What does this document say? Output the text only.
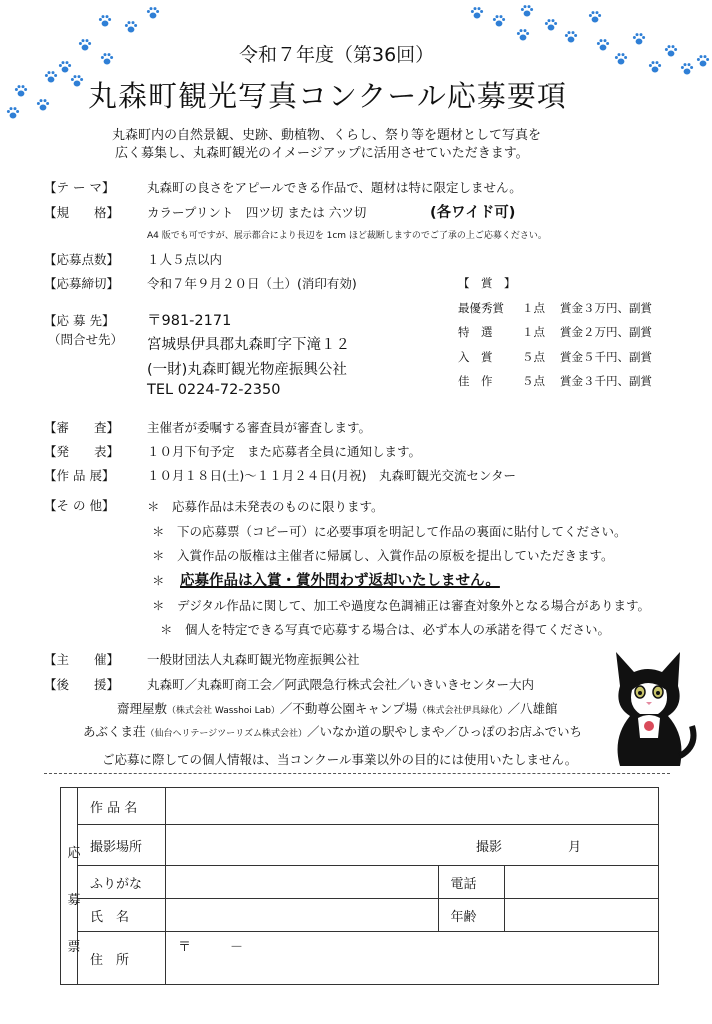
令和７年度（第36回）
丸森町観光写真コンクール応募要項
丸森町内の自然景観、史跡、動植物、くらし、祭り等を題材として写真を
広く募集し、丸森町観光のイメージアップに活用させていただきます。
【テ ー マ】	丸森町の良さをアピールできる作品で、題材は特に限定しません。
【規　　格】 カラープリント　四ツ切 または 六ツ切	(各ワイド可)
A4 版でも可ですが、展示都合により長辺を 1cm ほど裁断しますのでご了承の上ご応募ください。
【応募点数】 １人５点以内
【応募締切】 令和７年９月２０日（土）(消印有効)
【応 募 先】
（問合せ先）
〒981-2171
宮城県伊具郡丸森町字下滝１２
(一財)丸森町観光物産振興公社
TEL 0224-72-2350
【　賞　】
最優秀賞 １点 賞金３万円、副賞
特　選	１点 賞金２万円、副賞
入　賞	５点 賞金５千円、副賞
佳　作	５点 賞金３千円、副賞
【審　　査】 主催者が委嘱する審査員が審査します。
【発　　表】 １０月下旬予定　また応募者全員に通知します。
【作 品 展】	１０月１８日(土)～１１月２４日(月祝)　丸森町観光交流センター
【そ の 他】	＊　応募作品は未発表のものに限ります。
＊　下の応募票（コピー可）に必要事項を明記して作品の裏面に貼付してください。
＊　入賞作品の版権は主催者に帰属し、入賞作品の原板を提出していただきます。
＊ 応募作品は入賞・賞外問わず返却いたしません。
＊　デジタル作品に関して、加工や過度な色調補正は審査対象外となる場合があります。
＊　個人を特定できる写真で応募する場合は、必ず本人の承諾を得てください。
【主　　催】 一般財団法人丸森町観光物産振興公社
【後　　援】 丸森町／丸森町商工会／阿武隈急行株式会社／いきいきセンター大内
齋理屋敷（株式会社 Wasshoi Lab）／不動尊公園キャンプ場（株式会社伊具緑化）／八雄館
あぶくま荘（仙台ヘリテージツーリズム株式会社）／いなか道の駅やしまや／ひっぽのお店ふでいち
ご応募に際しての個人情報は、当コンクール事業以外の目的には使用いたしません。
	作 品 名			
	撮影場所	撮影 月		
	ふりがな		電話	
	氏　名		年齢	
	住　所	〒　　　－		
応
募
票
